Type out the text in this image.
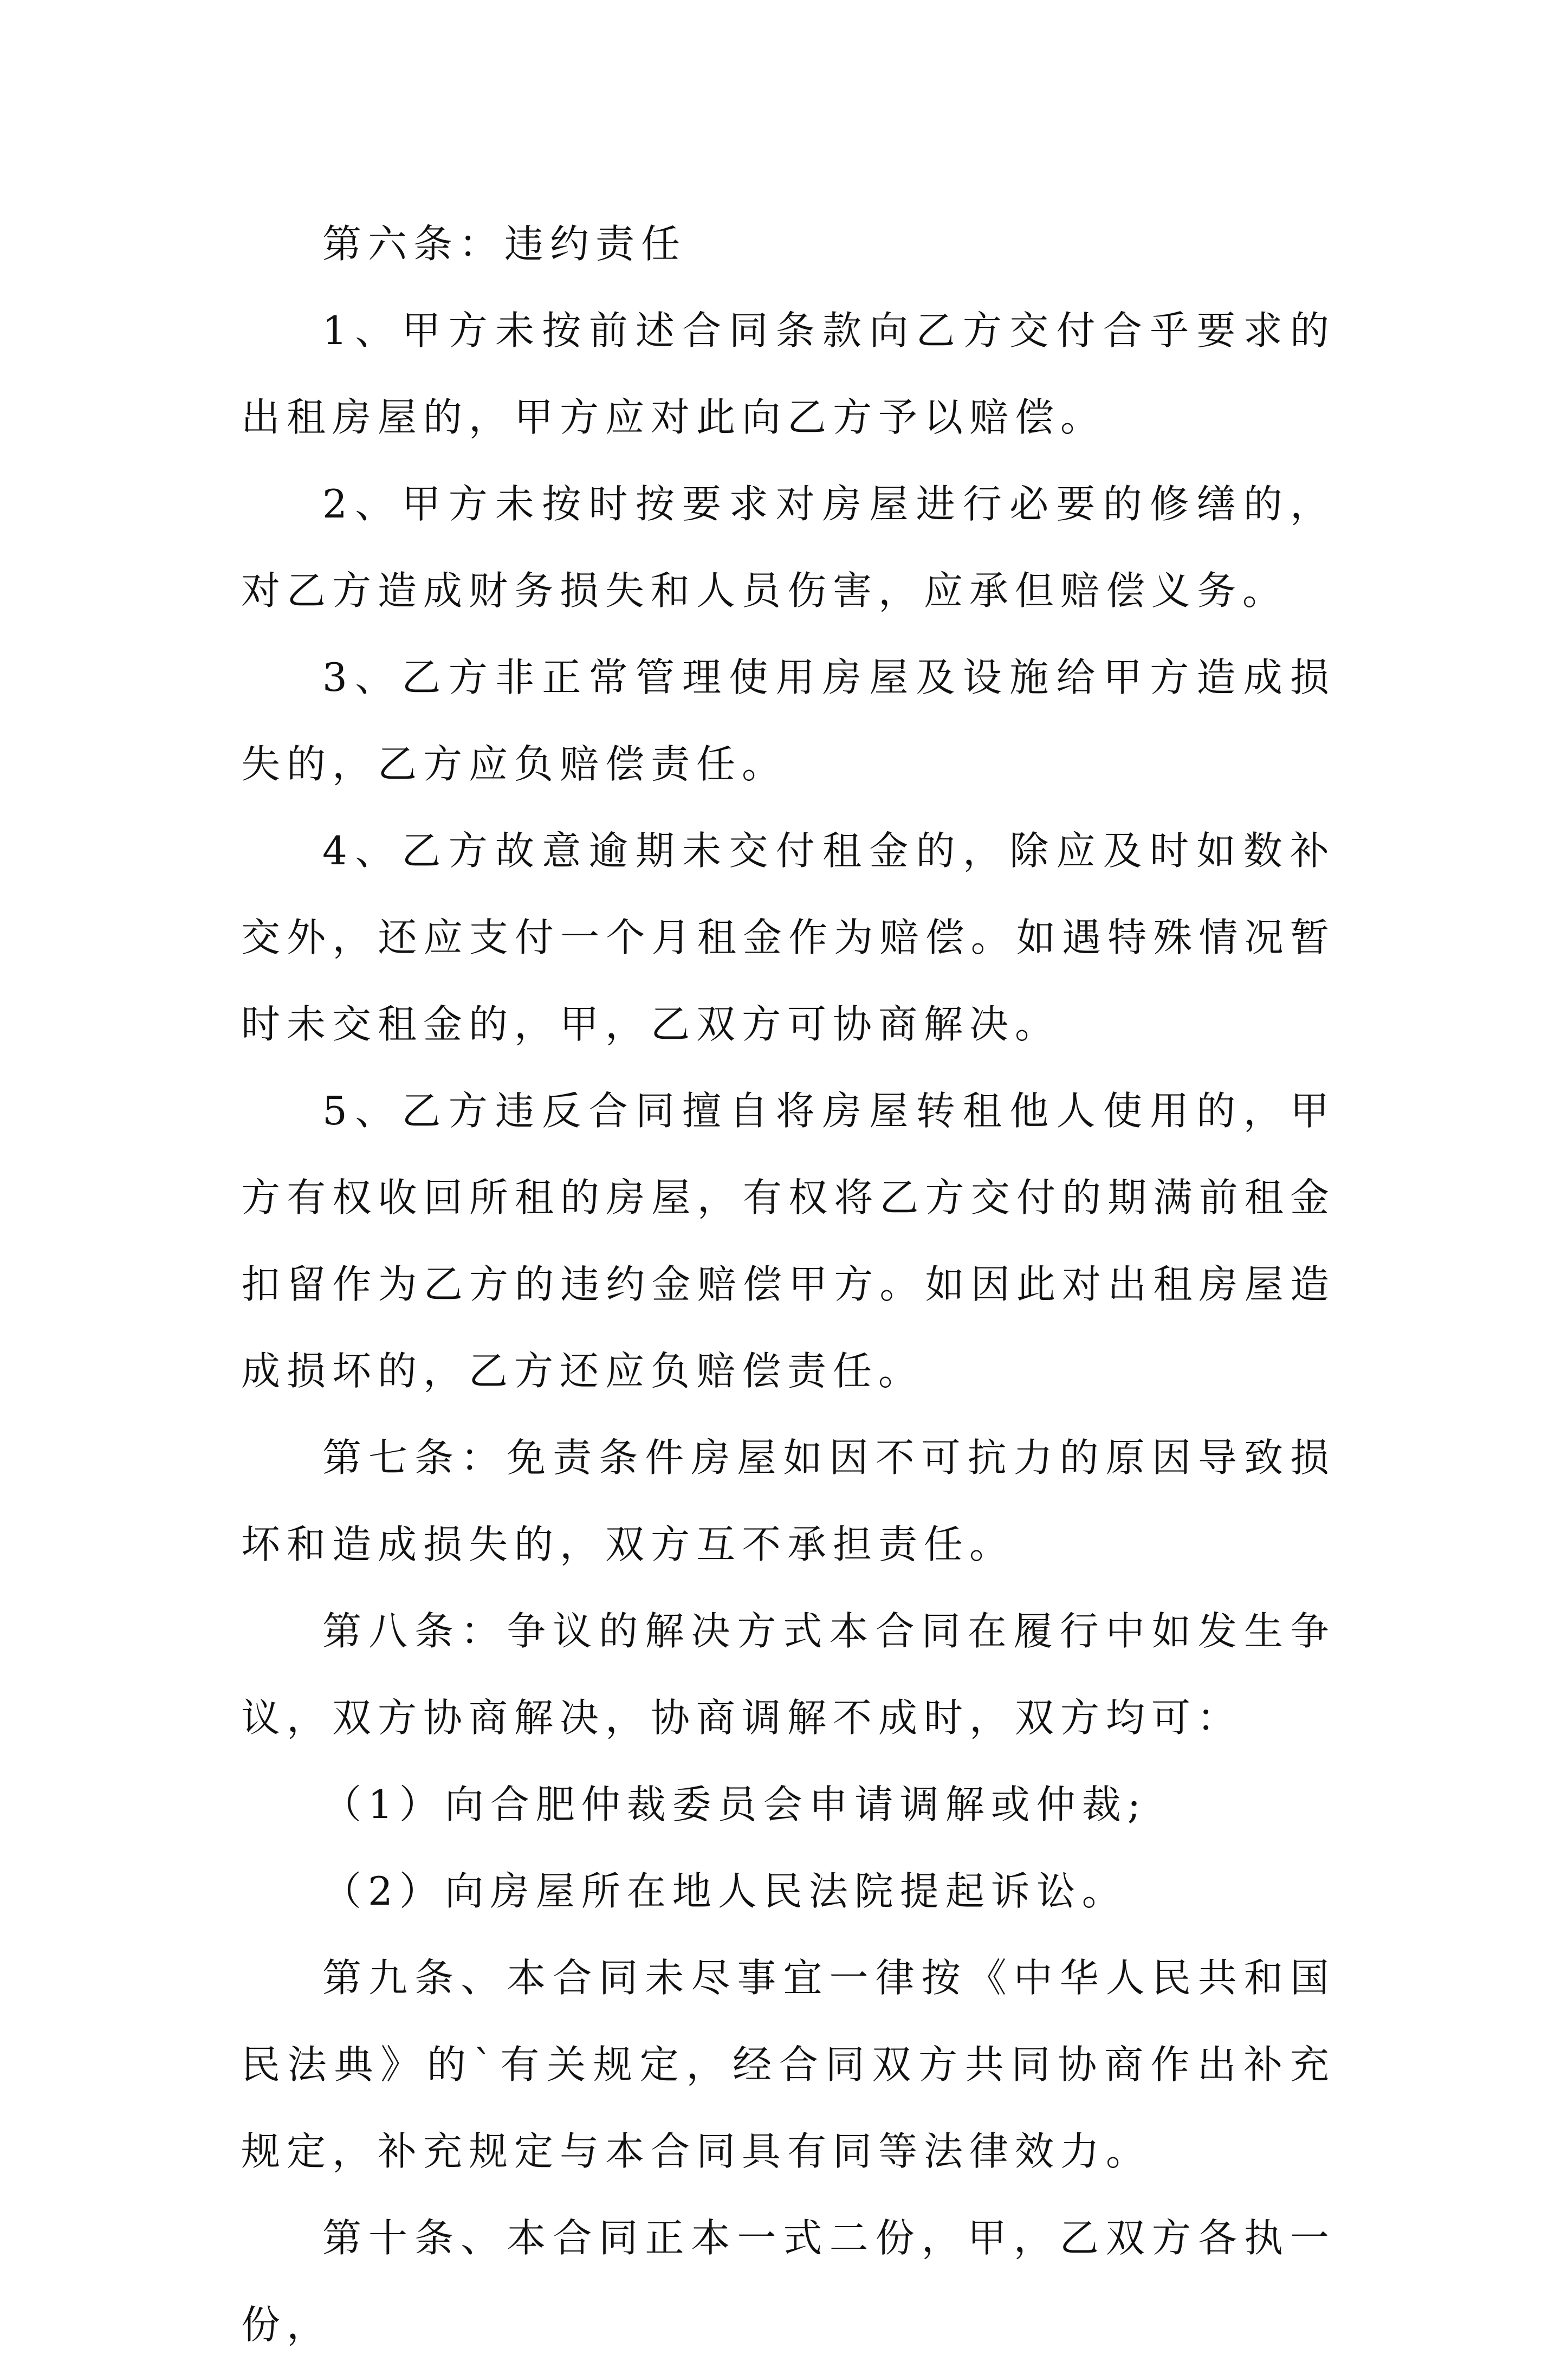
第六条：违约责任

1、甲方未按前述合同条款向乙方交付合乎要求的出租房屋的，甲方应对此向乙方予以赔偿。

2、甲方未按时按要求对房屋进行必要的修缮的，对乙方造成财务损失和人员伤害，应承但赔偿义务。

3、乙方非正常管理使用房屋及设施给甲方造成损失的，乙方应负赔偿责任。

4、乙方故意逾期未交付租金的，除应及时如数补交外，还应支付一个月租金作为赔偿。如遇特殊情况暂时未交租金的，甲，乙双方可协商解决。

5、乙方违反合同擅自将房屋转租他人使用的，甲方有权收回所租的房屋，有权将乙方交付的期满前租金扣留作为乙方的违约金赔偿甲方。如因此对出租房屋造成损坏的，乙方还应负赔偿责任。

第七条：免责条件房屋如因不可抗力的原因导致损坏和造成损失的，双方互不承担责任。

第八条：争议的解决方式本合同在履行中如发生争议，双方协商解决，协商调解不成时，双方均可：

（1）向合肥仲裁委员会申请调解或仲裁;

（2）向房屋所在地人民法院提起诉讼。

第九条、本合同未尽事宜一律按《中华人民共和国民法典》的`有关规定，经合同双方共同协商作出补充规定，补充规定与本合同具有同等法律效力。

第十条、本合同正本一式二份，甲，乙双方各执一份，
